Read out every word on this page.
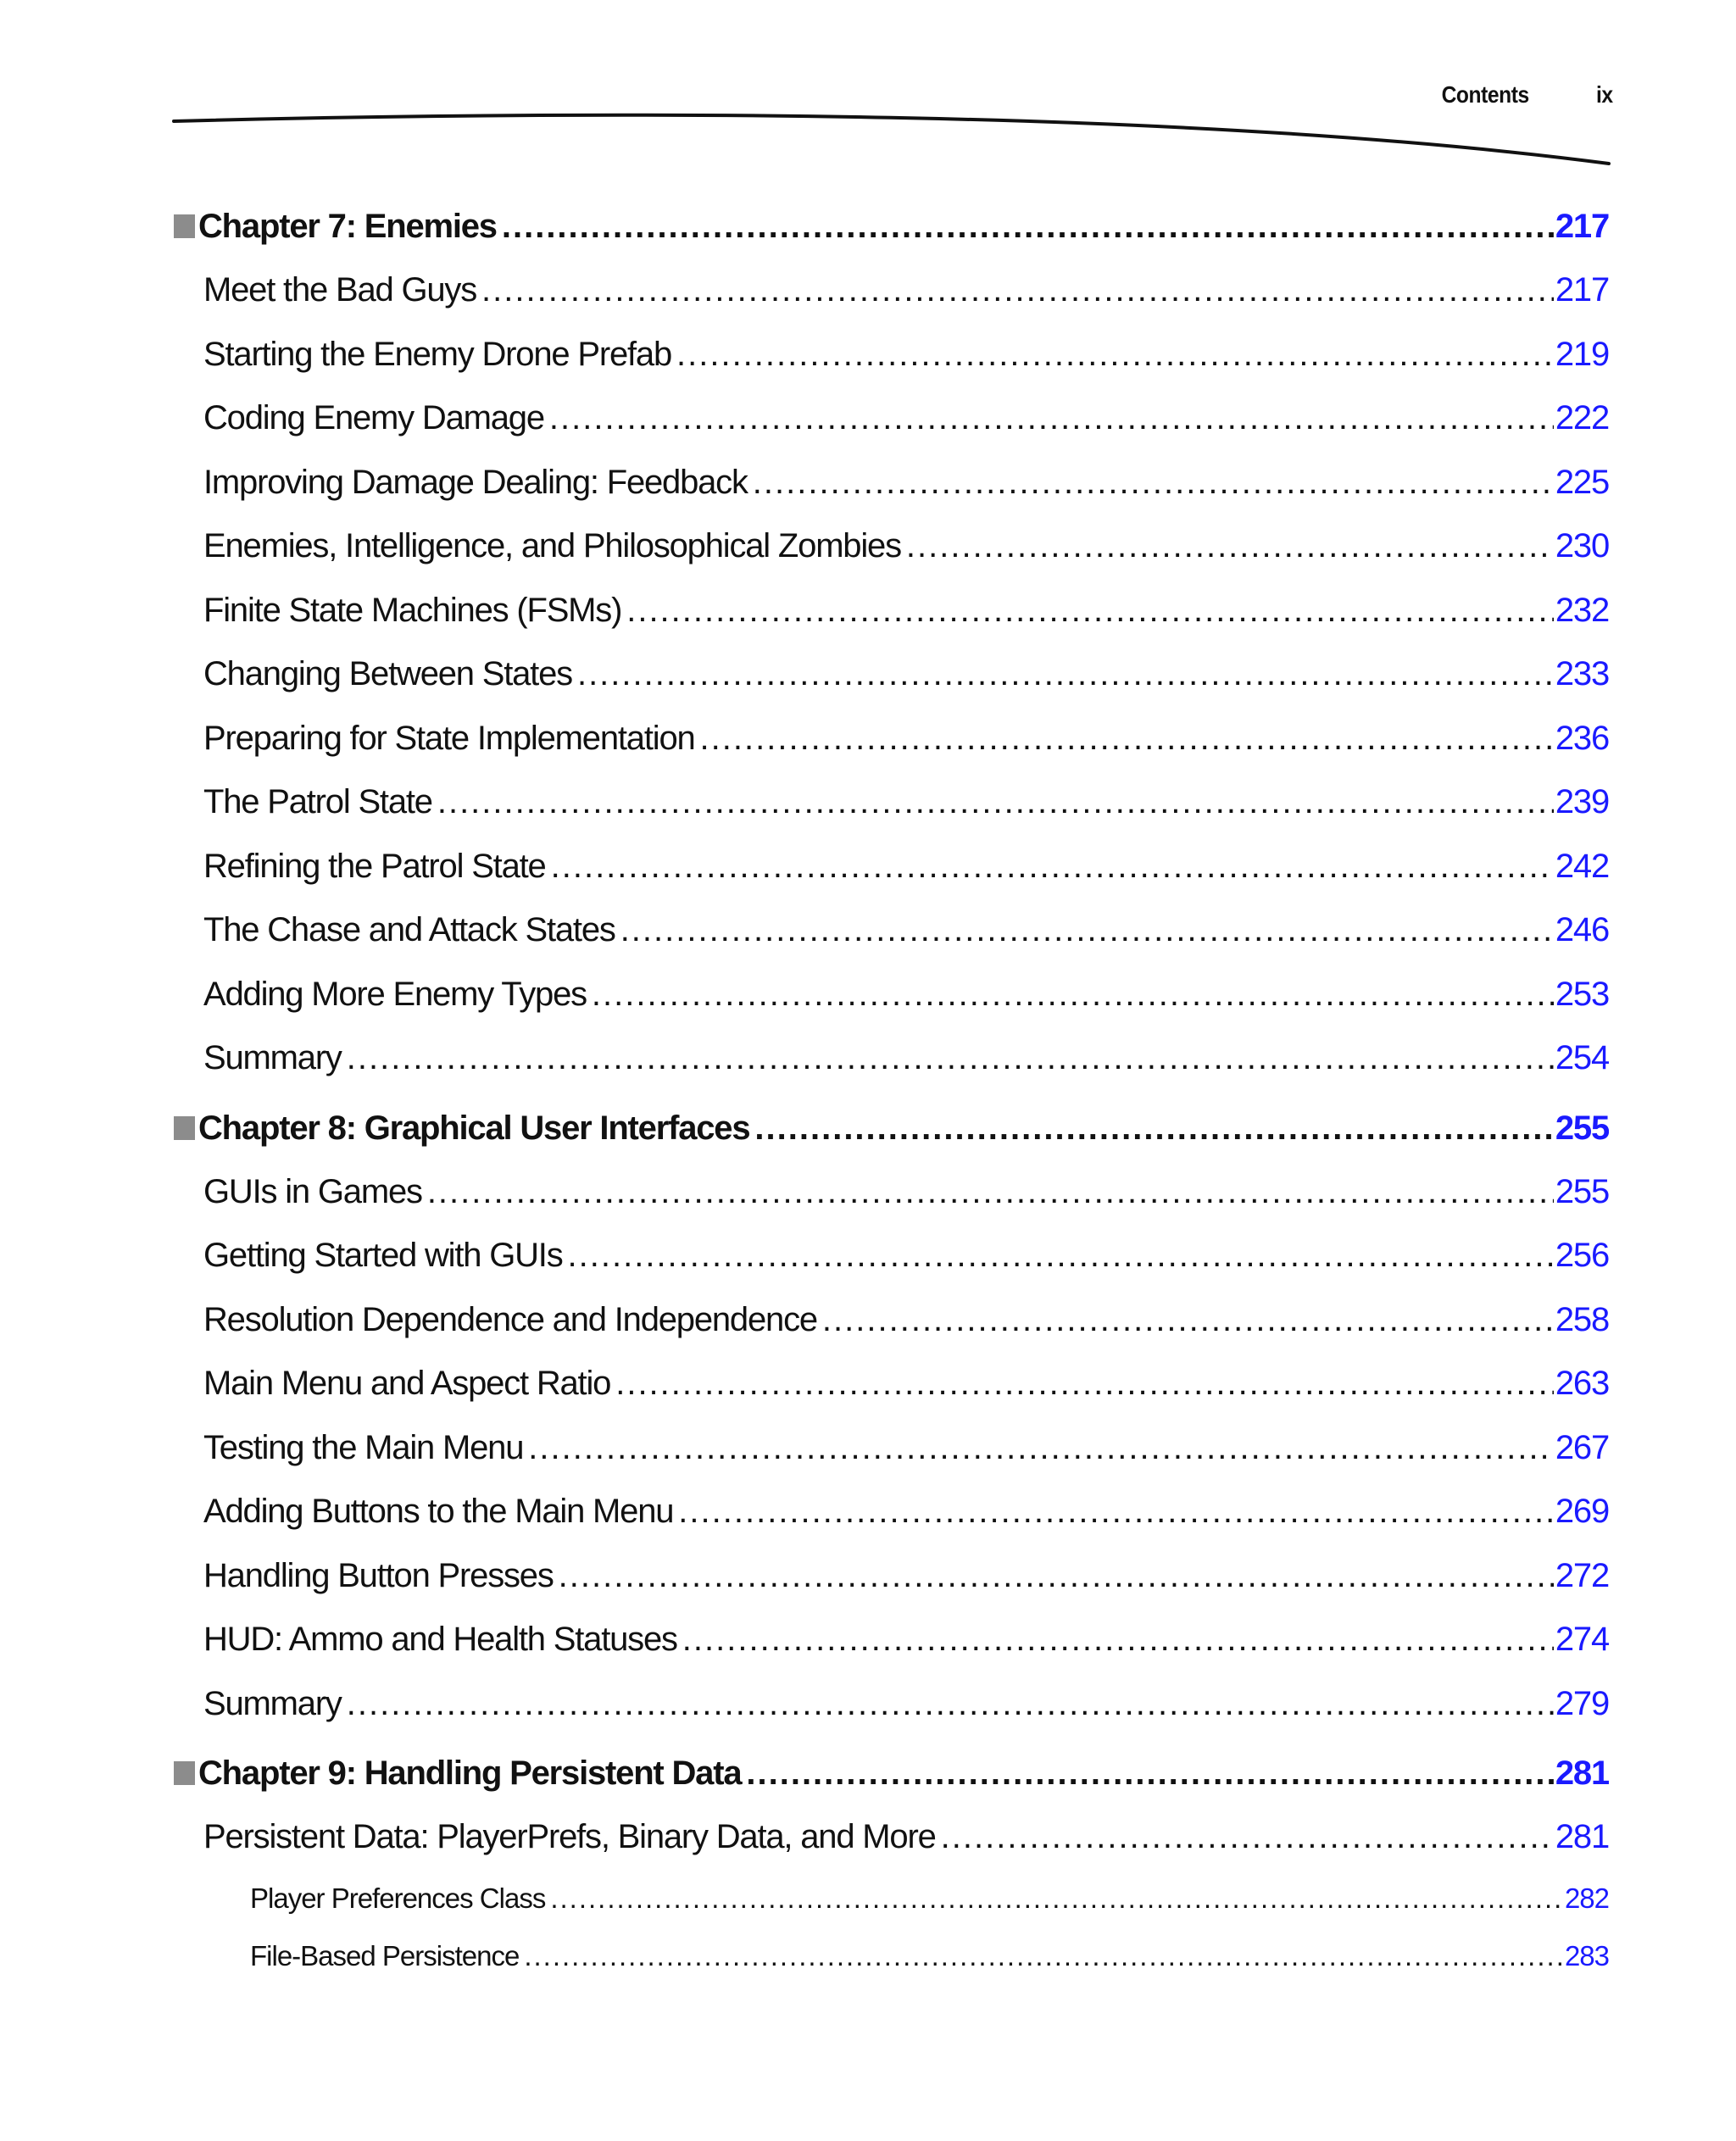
Contents	ix
Chapter 7: Enemies .....	217
Meet the Bad Guys .....	217
Starting the Enemy Drone Prefab .....	219
Coding Enemy Damage .....	222
Improving Damage Dealing: Feedback .....	225
Enemies, Intelligence, and Philosophical Zombies .....	230
Finite State Machines (FSMs) .....	232
Changing Between States .....	233
Preparing for State Implementation .....	236
The Patrol State .....	239
Refining the Patrol State .....	242
The Chase and Attack States .....	246
Adding More Enemy Types .....	253
Summary .....	254
Chapter 8: Graphical User Interfaces .....	255
GUIs in Games .....	255
Getting Started with GUIs .....	256
Resolution Dependence and Independence .....	258
Main Menu and Aspect Ratio .....	263
Testing the Main Menu .....	267
Adding Buttons to the Main Menu .....	269
Handling Button Presses .....	272
HUD: Ammo and Health Statuses .....	274
Summary .....	279
Chapter 9: Handling Persistent Data .....	281
Persistent Data: PlayerPrefs, Binary Data, and More .....	281
Player Preferences Class .....	282
File-Based Persistence .....	283
